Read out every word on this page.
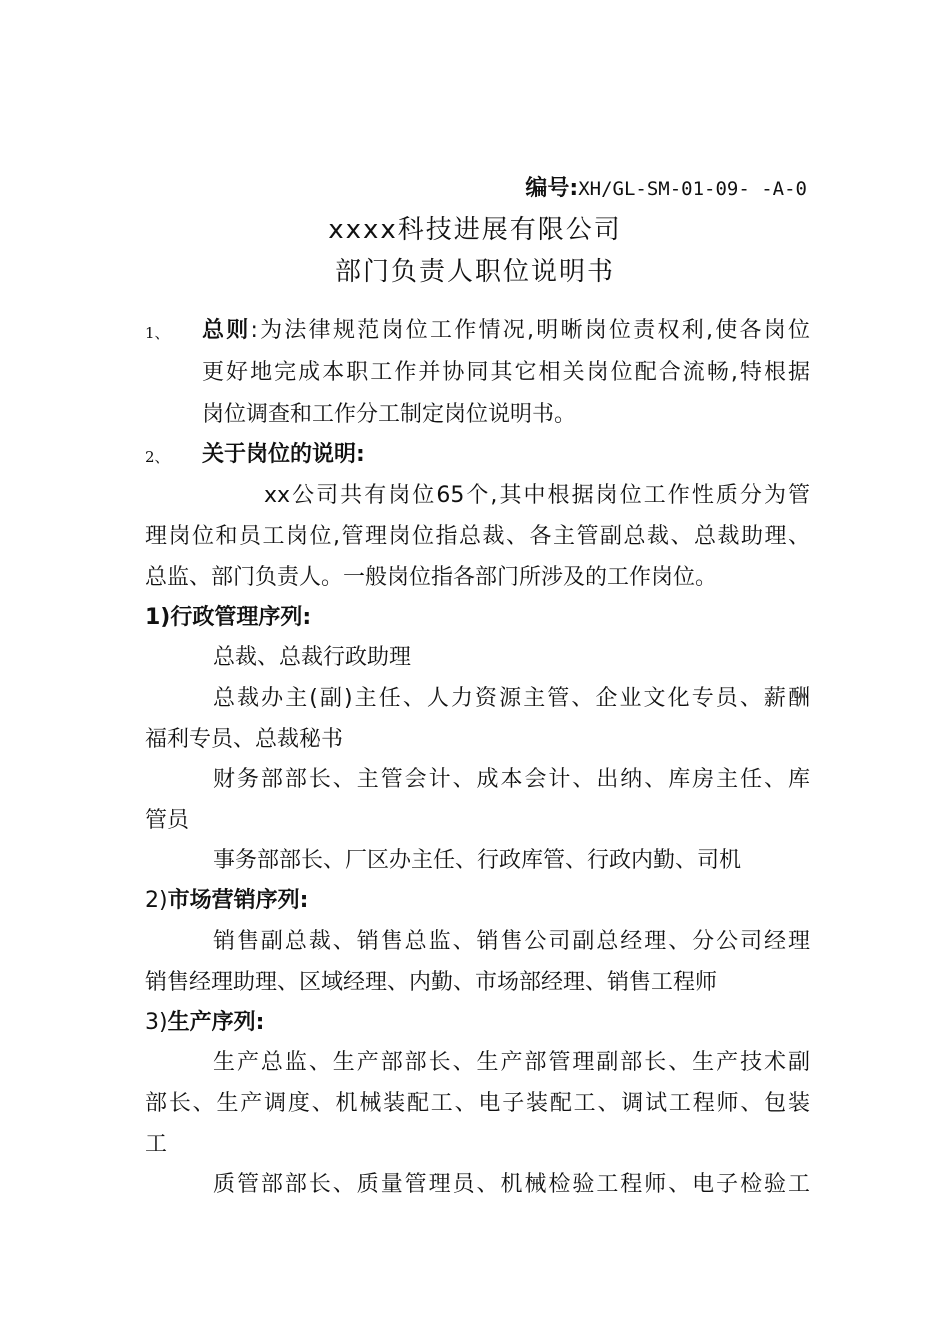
编号:XH/GL-SM-01-09- -A-0
xxxx科技进展有限公司
部门负责人职位说明书
1、 总则:为法律规范岗位工作情况,明晰岗位责权利,使各岗位
更好地完成本职工作并协同其它相关岗位配合流畅,特根据
岗位调查和工作分工制定岗位说明书。
2、 关于岗位的说明:
xx公司共有岗位65个,其中根据岗位工作性质分为管
理岗位和员工岗位,管理岗位指总裁、各主管副总裁、总裁助理、
总监、部门负责人。一般岗位指各部门所涉及的工作岗位。
1)行政管理序列:
总裁、总裁行政助理
总裁办主(副)主任、人力资源主管、企业文化专员、薪酬
福利专员、总裁秘书
财务部部长、主管会计、成本会计、出纳、库房主任、库
管员
事务部部长、厂区办主任、行政库管、行政内勤、司机
2)市场营销序列:
销售副总裁、销售总监、销售公司副总经理、分公司经理
销售经理助理、区域经理、内勤、市场部经理、销售工程师
3)生产序列:
生产总监、生产部部长、生产部管理副部长、生产技术副
部长、生产调度、机械装配工、电子装配工、调试工程师、包装
工
质管部部长、质量管理员、机械检验工程师、电子检验工
